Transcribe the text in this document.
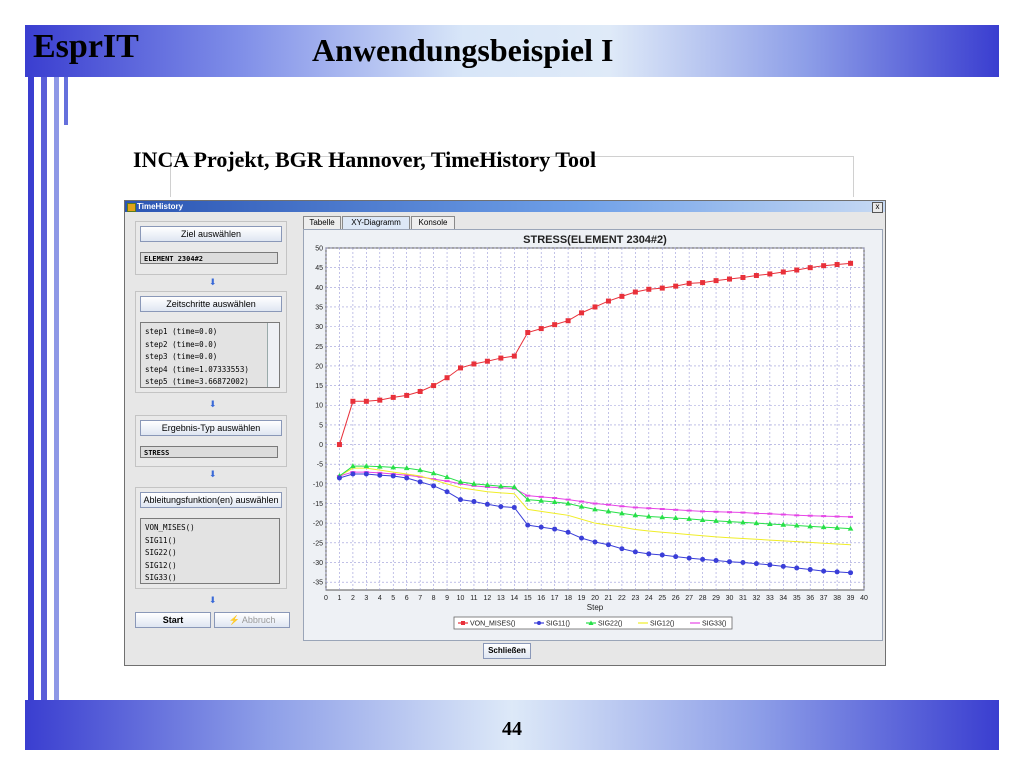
EsprIT	Anwendungsbeispiel I
INCA Projekt, BGR Hannover, TimeHistory Tool
44
TimeHistory	x
Ziel auswählen
ELEMENT 2304#2
⬇
Zeitschritte auswählen
step1 (time=0.0)
step2 (time=0.0)
step3 (time=0.0)
step4 (time=1.07333553)
step5 (time=3.66872002)
⬇
Ergebnis-Typ auswählen
STRESS
⬇
Ableitungsfunktion(en) auswählen
VON_MISES()
SIG11()
SIG22()
SIG12()
SIG33()
⬇
Start	⚡ Abbruch
Tabelle	XY-Diagramm	Konsole
STRESS(ELEMENT 2304#2)
0 1 2 3 4 5 6 7 8 9 10 11 12 13 14 15 16 17 18 19 20 21 22 23 24 25 26 27 28 29 30 31 32 33 34 35 36 37 38 39 40
50
45
40
35
30
25
20
15
10
5
0
-5
-10
-15
-20
-25
-30
-35
Step
VON_MISES()	SIG11()	SIG22()	SIG12()	SIG33()
Schließen
